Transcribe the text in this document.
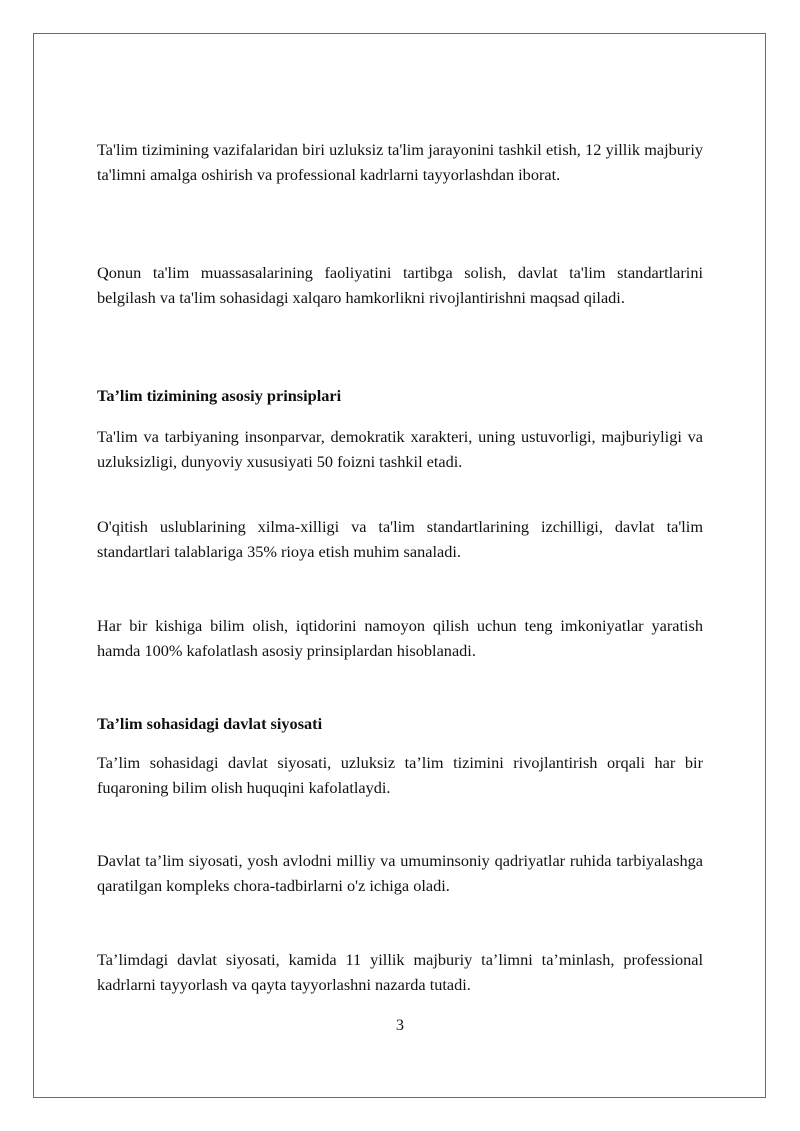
Ta'lim tizimining vazifalaridan biri uzluksiz ta'lim jarayonini tashkil etish, 12 yillik majburiy ta'limni amalga oshirish va professional kadrlarni tayyorlashdan iborat.

Qonun ta'lim muassasalarining faoliyatini tartibga solish, davlat ta'lim standartlarini belgilash va ta'lim sohasidagi xalqaro hamkorlikni rivojlantirishni maqsad qiladi.

Ta’lim tizimining asosiy prinsiplari

Ta'lim va tarbiyaning insonparvar, demokratik xarakteri, uning ustuvorligi, majburiyligi va uzluksizligi, dunyoviy xususiyati 50 foizni tashkil etadi.

O'qitish uslublarining xilma-xilligi va ta'lim standartlarining izchilligi, davlat ta'lim standartlari talablariga 35% rioya etish muhim sanaladi.

Har bir kishiga bilim olish, iqtidorini namoyon qilish uchun teng imkoniyatlar yaratish hamda 100% kafolatlash asosiy prinsiplardan hisoblanadi.

Ta’lim sohasidagi davlat siyosati

Ta’lim sohasidagi davlat siyosati, uzluksiz ta’lim tizimini rivojlantirish orqali har bir fuqaroning bilim olish huquqini kafolatlaydi.

Davlat ta’lim siyosati, yosh avlodni milliy va umuminsoniy qadriyatlar ruhida tarbiyalashga qaratilgan kompleks chora-tadbirlarni o'z ichiga oladi.

Ta’limdagi davlat siyosati, kamida 11 yillik majburiy ta’limni ta’minlash, professional kadrlarni tayyorlash va qayta tayyorlashni nazarda tutadi.

3
